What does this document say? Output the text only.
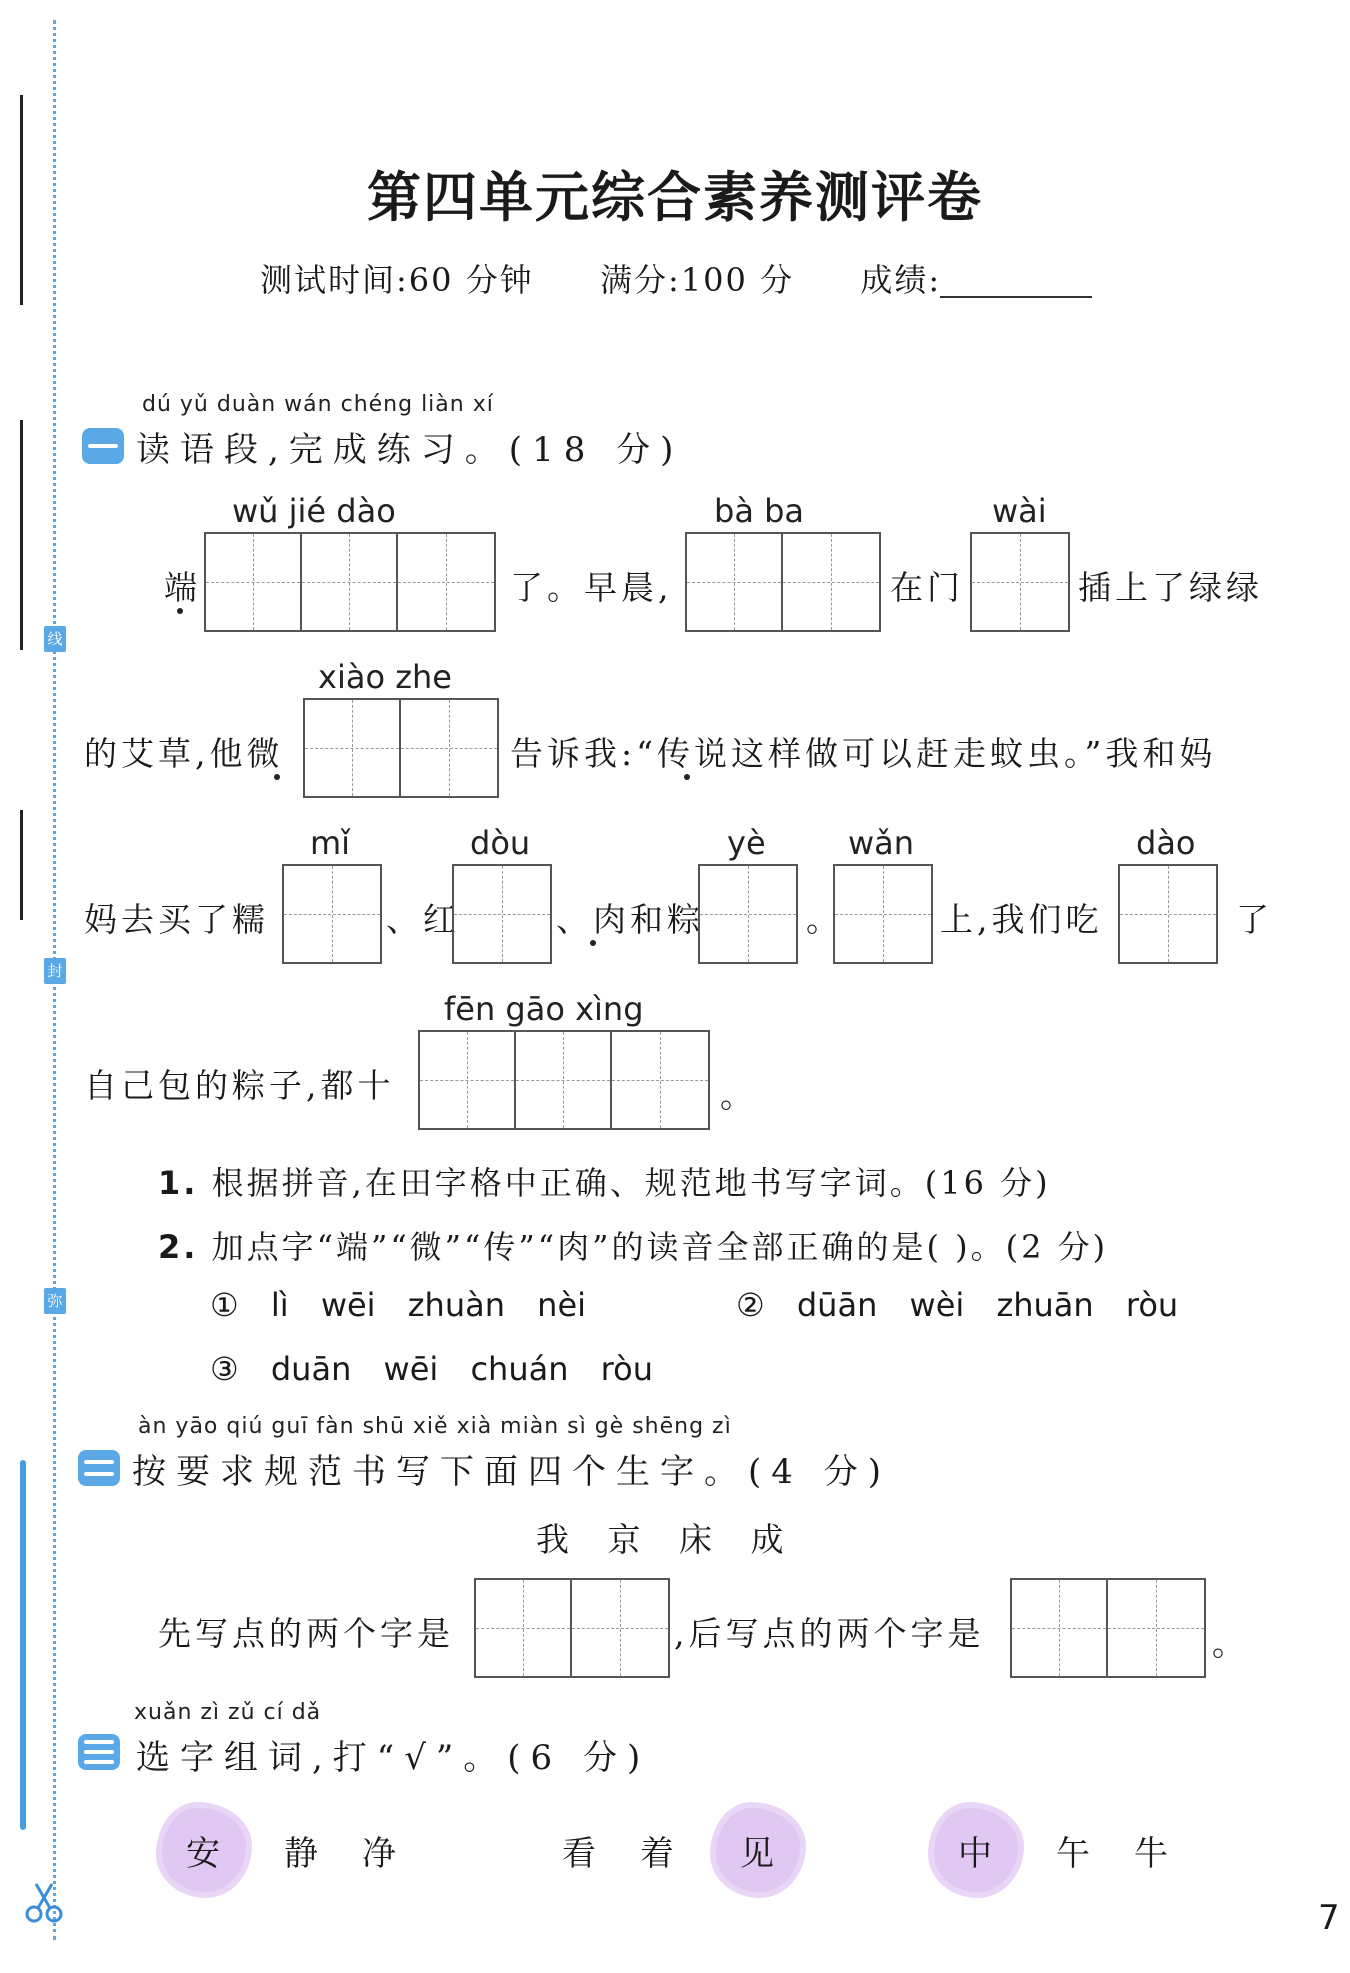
线
封
弥
第四单元综合素养测评卷
测试时间:60 分钟 满分:100 分 成绩:
dú yǔ duàn wán chéng liàn xí
读语段,完成练习。(18 分)
wǔ jié dào
端	了。早晨,
bà ba
在门
wài
插上了绿绿
xiào zhe
的艾草,他微	告诉我:“传说这样做可以赶走蚊虫。”我和妈
mǐ
妈去买了糯	、红
dòu
、肉和粽
yè
。
wǎn
上,我们吃
dào
了
fēn gāo xìng
自己包的粽子,都十	。
1. 根据拼音,在田字格中正确、规范地书写字词。(16 分)
2. 加点字“端”“微”“传”“肉”的读音全部正确的是( )。(2 分)
① lì wēi zhuàn nèi	② dūān wèi zhuān ròu
③ duān wēi chuán ròu
àn yāo qiú guī fàn shū xiě xià miàn sì gè shēng zì
按要求规范书写下面四个生字。(4 分)
我 京 床 成
先写点的两个字是	,后写点的两个字是	。
xuǎn zì zǔ cí dǎ
选字组词,打“√”。(6 分)
安 静 净	看 着 见	中 午 牛
7
